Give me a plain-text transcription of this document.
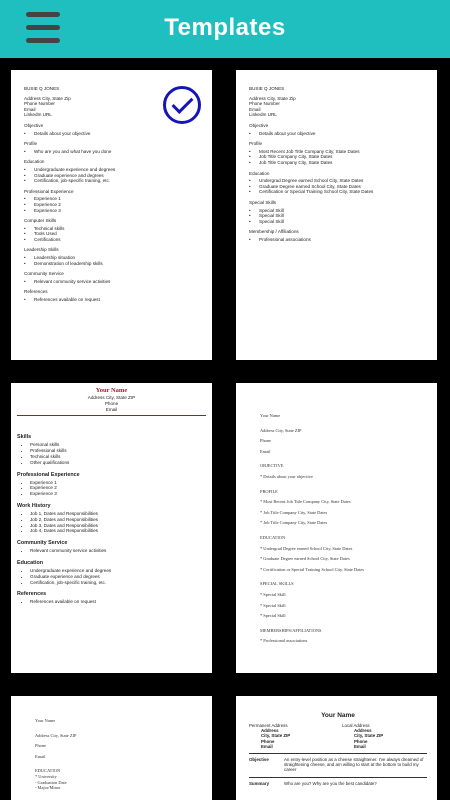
Templates
BUSIE Q JONES
Address City, State Zip
Phone Number
Email
LinkedIn URL
Objective
• Details about your objective
Profile
• Who are you and what have you done
Education
• Undergraduate experience and degrees
• Graduate experience and degrees
• Certification, job-specific training, etc.
Professional Experience
• Experience 1
• Experience 2
• Experience 3
Computer Skills
• Technical skills
• Tools Used
• Certifications
Leadership Skills
• Leadership situation
• Demonstration of leadership skills
Community Service
• Relevant community service activities
References
• References available on request
BUSIE Q JONES
Address City, State Zip
Phone Number
Email
LinkedIn URL
Objective
• Details about your objective
Profile
• Most Recent Job Title Company City, State Dates
• Job Title Company City, State Dates
• Job Title Company City, State Dates
Education
• Undergrad Degree earned School City, State Dates
• Graduate Degree earned School City, State Dates
• Certification or Special Training School City, State Dates
Special Skills
• Special Skill
• Special Skill
• Special Skill
Membership / Affiliations
• Professional associations
Your Name
Address City, State ZIP
Phone
Email
Skills
• Personal skills
• Professional skills
• Technical skills
• Other qualifications
Professional Experience
• Experience 1
• Experience 2
• Experience 3
Work History
• Job 1, Dates and Responsibilities
• Job 2, Dates and Responsibilities
• Job 3, Dates and Responsibilities
• Job 4, Dates and Responsibilities
Community Service
• Relevant community service activities
Education
• Undergraduate experience and degrees
• Graduate experience and degrees
• Certification, job-specific training, etc.
References
• References available on request
Your Name
Address City, State ZIP
Phone
Email
OBJECTIVE
* Details about your objective
PROFILE
* Most Recent Job Title Company City, State Dates
* Job Title Company City, State Dates
* Job Title Company City, State Dates
EDUCATION
* Undergrad Degree earned School City, State Dates
* Graduate Degree earned School City, State Dates
* Certification or Special Training School City, State Dates
SPECIAL SKILLS
* Special Skill
* Special Skill
* Special Skill
MEMBERSHIPS/AFFILIATIONS
* Professional associations
Your Name
Address City, State ZIP
Phone
Email
EDUCATION
* University
- Graduation Date
- Major/Minor
Your Name
Permanent Address
Address
City, State ZIP
Phone
Email
Local Address
Address
City, State ZIP
Phone
Email
Objective	An entry-level position as a cheese straightener. I've always dreamed of straightening cheese, and am willing to start at the bottom to build my career
Summary	Who are you? Why are you the best candidate?
